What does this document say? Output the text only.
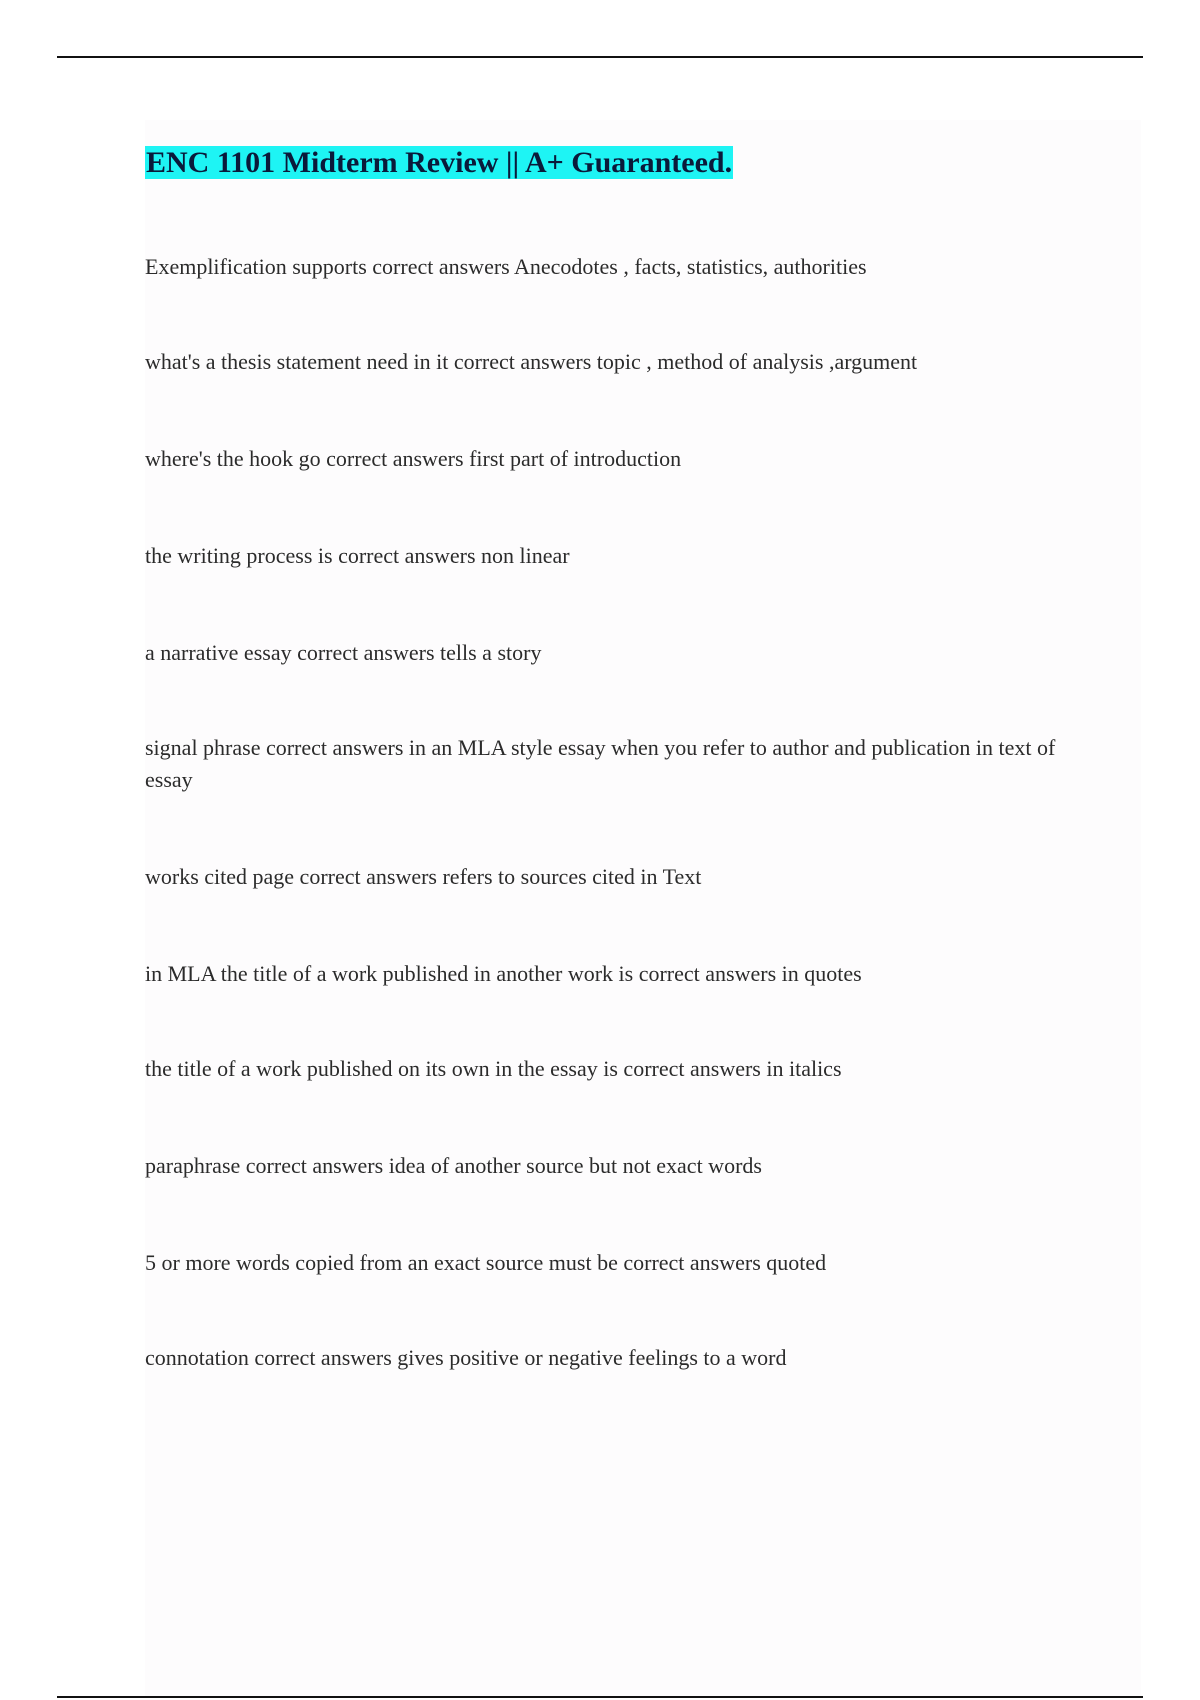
ENC 1101 Midterm Review || A+ Guaranteed.
Exemplification supports correct answers Anecodotes , facts, statistics, authorities
what's a thesis statement need in it correct answers topic , method of analysis ,argument
where's the hook go correct answers first part of introduction
the writing process is correct answers non linear
a narrative essay correct answers tells a story
signal phrase correct answers in an MLA style essay when you refer to author and publication in text of essay
works cited page correct answers refers to sources cited in Text
in MLA the title of a work published in another work is correct answers in quotes
the title of a work published on its own in the essay is correct answers in italics
paraphrase correct answers idea of another source but not exact words
5 or more words copied from an exact source must be correct answers quoted
connotation correct answers gives positive or negative feelings to a word
